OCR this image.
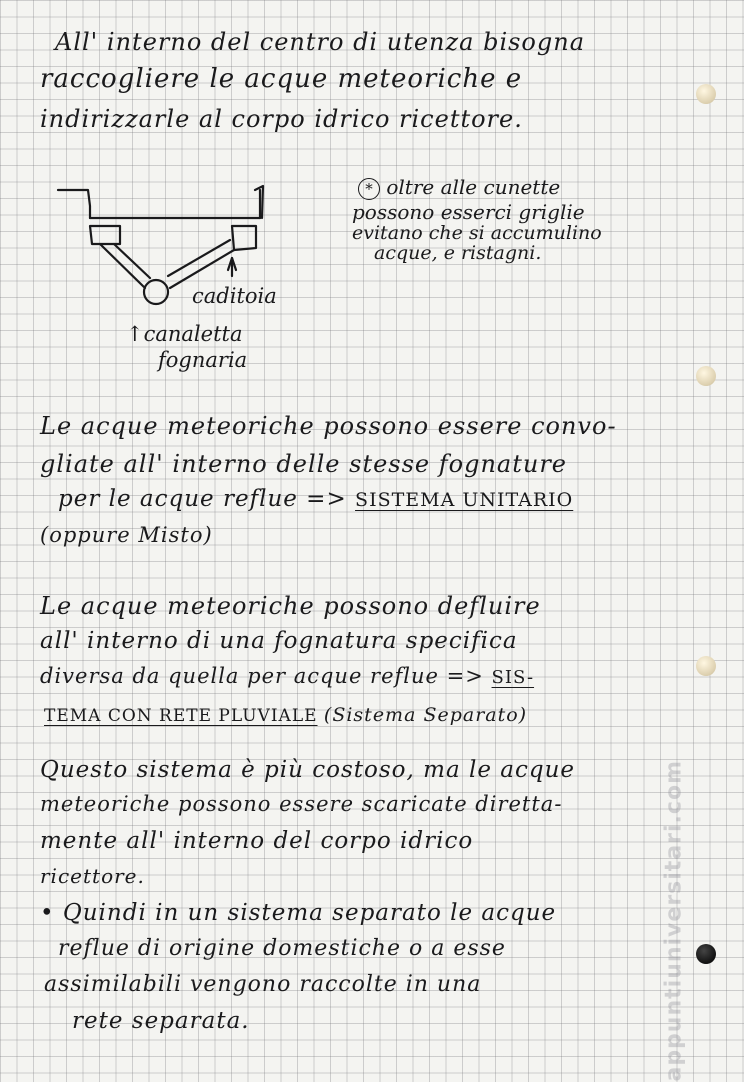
All' interno del centro di utenza bisogna
raccogliere le acque meteoriche e
indirizzarle al corpo idrico ricettore.
caditoia
↑canaletta
fognaria
* oltre alle cunette
possono esserci griglie
evitano che si accumulino
acque, e ristagni.
Le acque meteoriche possono essere convo-
gliate all' interno delle stesse fognature
per le acque reflue => SISTEMA UNITARIO
(oppure Misto)
Le acque meteoriche possono defluire
all' interno di una fognatura specifica
diversa da quella per acque reflue => SIS-
TEMA CON RETE PLUVIALE (Sistema Separato)
Questo sistema è più costoso, ma le acque
meteoriche possono essere scaricate diretta-
mente all' interno del corpo idrico
ricettore.
• Quindi in un sistema separato le acque
reflue di origine domestiche o a esse
assimilabili vengono raccolte in una
rete separata.	appuntiuniversitari.com
